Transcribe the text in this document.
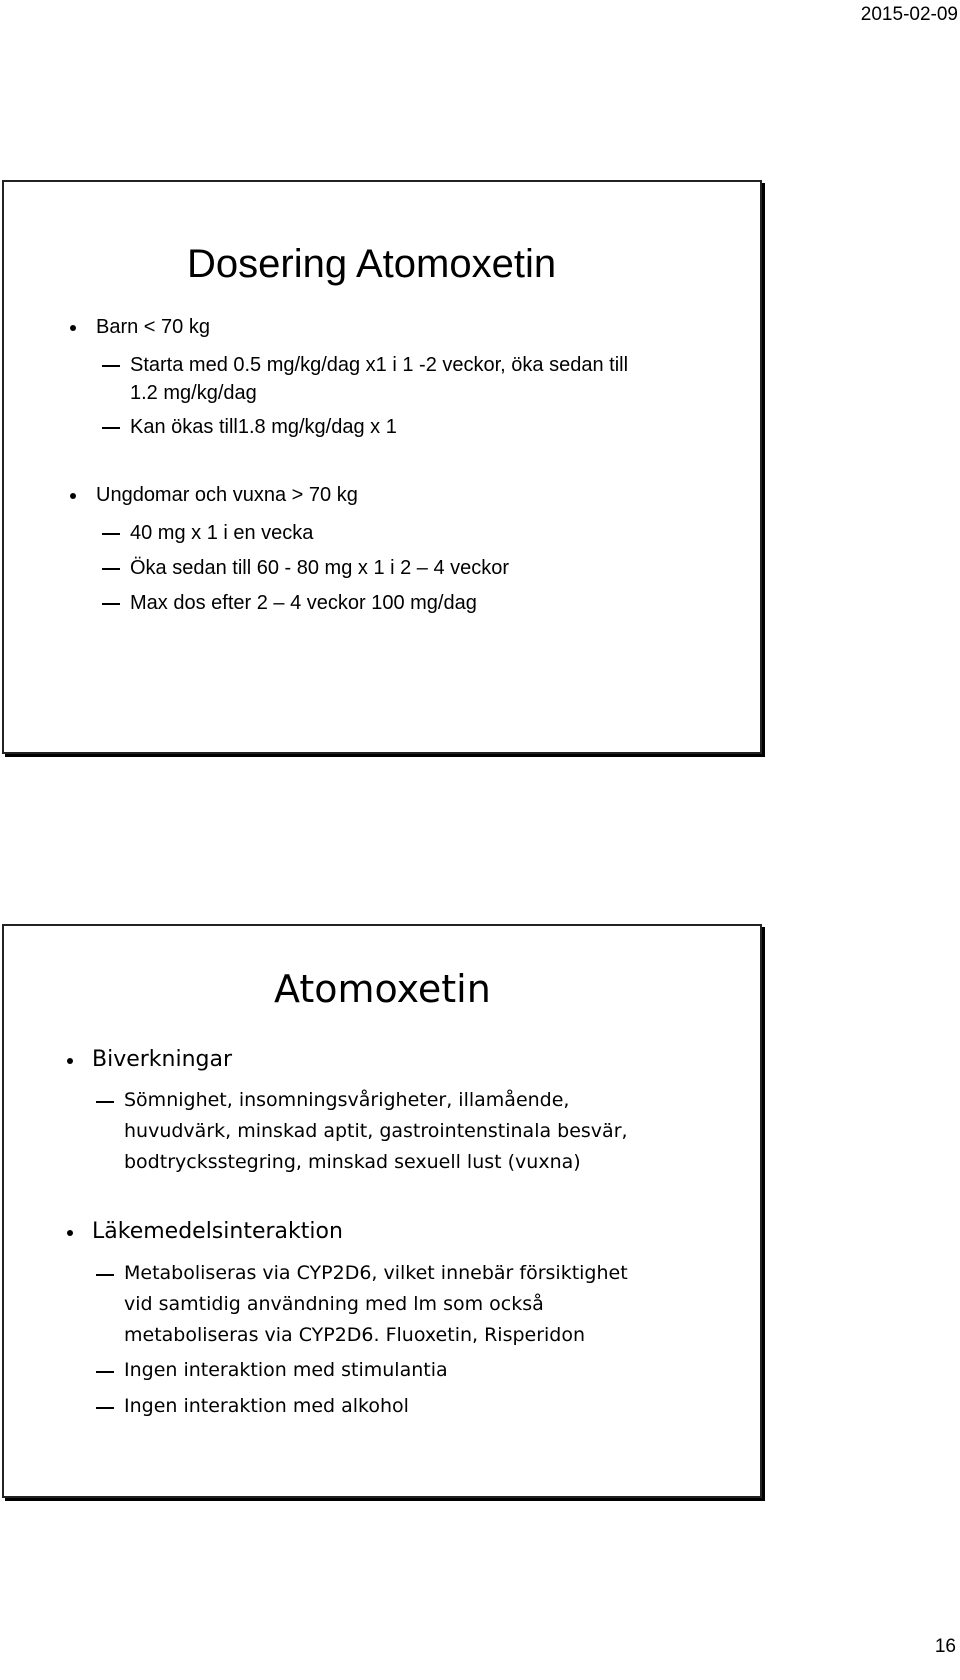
2015-02-09
Dosering Atomoxetin
Barn < 70 kg
Starta med 0.5 mg/kg/dag x1 i 1 -2 veckor, öka sedan till
1.2 mg/kg/dag
Kan ökas till1.8 mg/kg/dag x 1
Ungdomar och vuxna > 70 kg
40 mg x 1 i en vecka
Öka sedan till 60 - 80 mg x 1 i 2 – 4 veckor
Max dos efter 2 – 4 veckor 100 mg/dag
Atomoxetin
Biverkningar
Sömnighet, insomningsvårigheter, illamående,
huvudvärk, minskad aptit, gastrointenstinala besvär,
bodtrycksstegring, minskad sexuell lust (vuxna)
Läkemedelsinteraktion
Metaboliseras via CYP2D6, vilket innebär försiktighet
vid samtidig användning med lm som också
metaboliseras via CYP2D6. Fluoxetin, Risperidon
Ingen interaktion med stimulantia
Ingen interaktion med alkohol
16
